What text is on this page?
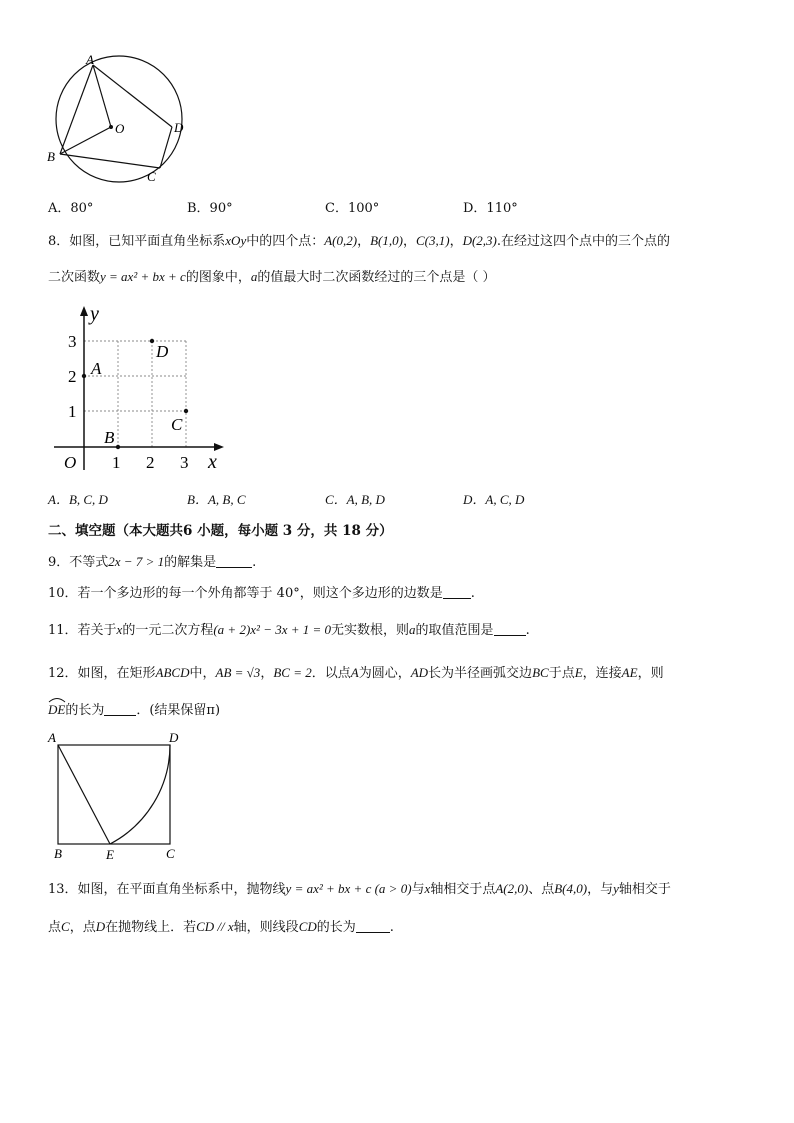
A
O	D
B
C
A．80°	B．90°	C．100°	D．110°
8．如图，已知平面直角坐标系xOy中的四个点：A(0,2)，B(1,0)，C(3,1)，D(2,3).在经过这四个点中的三个点的
二次函数y = ax² + bx + c的图象中，a的值最大时二次函数经过的三个点是（ ）
y
x
O 1 2 3
1
2
3
A
B
C
D
A．B, C, D	B．A, B, C	C．A, B, D	D．A, C, D
二、填空题（本大题共6 小题，每小题 3 分，共 18 分）
9．不等式2x − 7 > 1的解集是	.
10．若一个多边形的每一个外角都等于 40°，则这个多边形的边数是 .
11．若关于x的一元二次方程(a + 2)x² − 3x + 1 = 0无实数根，则a的取值范围是 .
12．如图，在矩形ABCD中，AB = √3，BC = 2．以点A为圆心，AD长为半径画弧交边BC于点E，连接AE，则
DE
的长为 ．(结果保留π)
A	D
B	E	C
13．如图，在平面直角坐标系中，抛物线y = ax² + bx + c (a > 0)与x轴相交于点A(2,0)、点B(4,0)，与y轴相交于
点C，点D在抛物线上．若CD // x轴，则线段CD的长为	.
